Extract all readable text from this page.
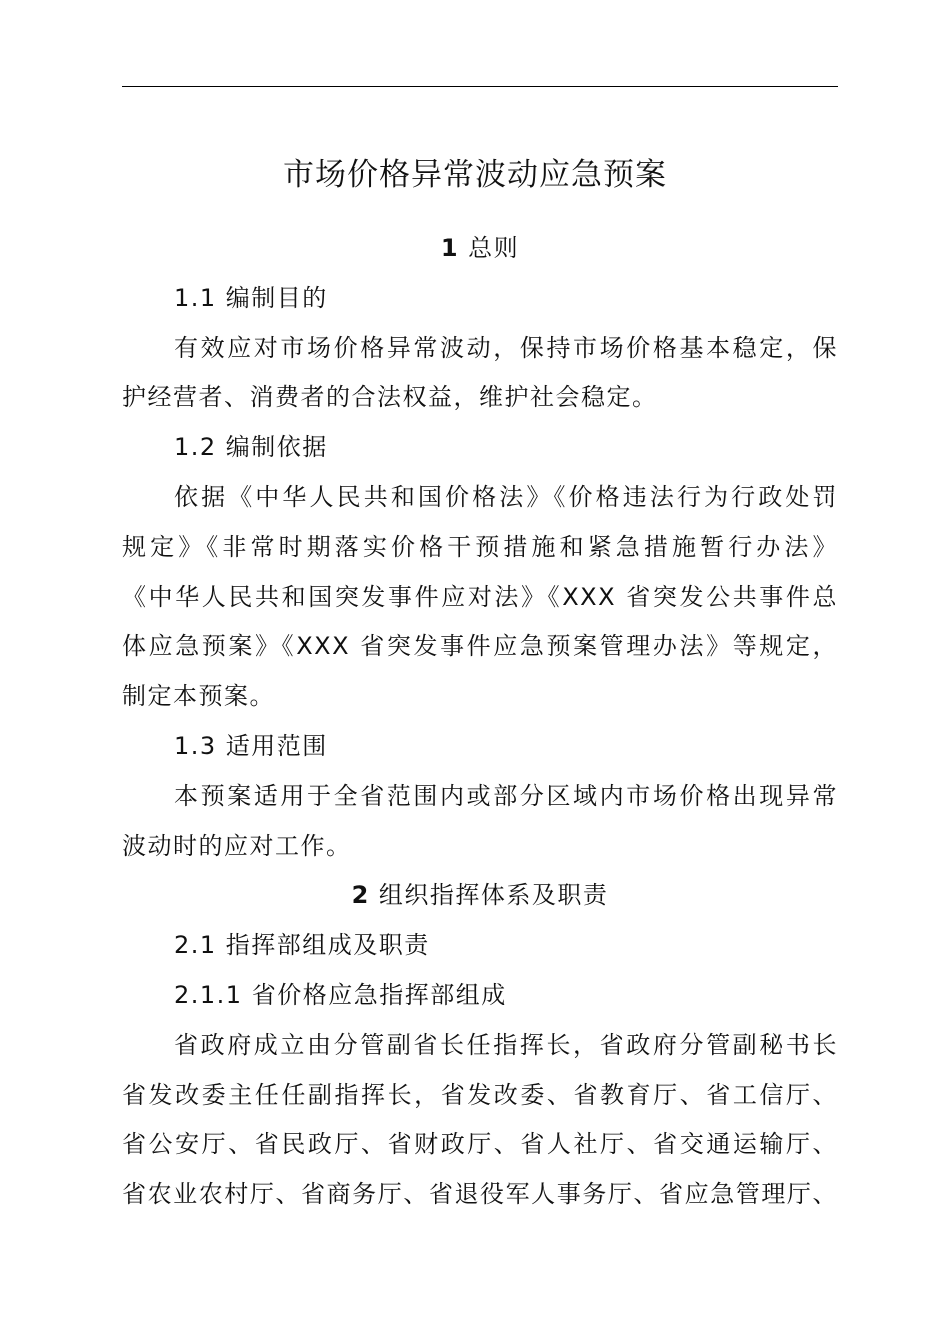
市场价格异常波动应急预案
1 总则
1.1 编制目的
有效应对市场价格异常波动，保持市场价格基本稳定，保
护经营者、消费者的合法权益，维护社会稳定。
1.2 编制依据
依据《中华人民共和国价格法》《价格违法行为行政处罚
规定》《非常时期落实价格干预措施和紧急措施暂行办法》
《中华人民共和国突发事件应对法》《XXX 省突发公共事件总
体应急预案》《XXX 省突发事件应急预案管理办法》等规定，
制定本预案。
1.3 适用范围
本预案适用于全省范围内或部分区域内市场价格出现异常
波动时的应对工作。
2 组织指挥体系及职责
2.1 指挥部组成及职责
2.1.1 省价格应急指挥部组成
省政府成立由分管副省长任指挥长，省政府分管副秘书长
省发改委主任任副指挥长，省发改委、省教育厅、省工信厅、
省公安厅、省民政厅、省财政厅、省人社厅、省交通运输厅、
省农业农村厅、省商务厅、省退役军人事务厅、省应急管理厅、
